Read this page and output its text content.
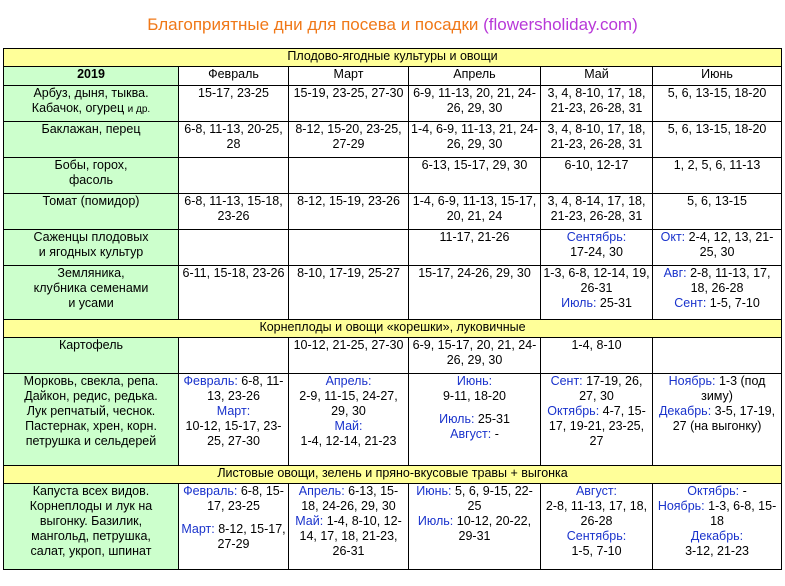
Благоприятные дни для посева и посадки (flowersholiday.com)
Плодово-ягодные культуры и овощи					
2019	Февраль	Март	Апрель	Май	Июнь
Арбуз, дыня, тыква.
Кабачок, огурец и др.	15-17, 23-25	15-19, 23-25, 27-30	6-9, 11-13, 20, 21, 24-26, 29, 30	3, 4, 8-10, 17, 18, 21-23, 26-28, 31	5, 6, 13-15, 18-20
Баклажан, перец	6-8, 11-13, 20-25, 28	8-12, 15-20, 23-25, 27-29	1-4, 6-9, 11-13, 21, 24-26, 29, 30	3, 4, 8-10, 17, 18, 21-23, 26-28, 31	5, 6, 13-15, 18-20
Бобы, горох,
фасоль			6-13, 15-17, 29, 30	6-10, 12-17	1, 2, 5, 6, 11-13
Томат (помидор)	6-8, 11-13, 15-18, 23-26	8-12, 15-19, 23-26	1-4, 6-9, 11-13, 15-17, 20, 21, 24	3, 4, 8-14, 17, 18, 21-23, 26-28, 31	5, 6, 13-15
Саженцы плодовых
и ягодных культур			11-17, 21-26	Сентябрь:
17-24, 30	Окт: 2-4, 12, 13, 21-25, 30
Земляника,
клубника семенами
и усами	6-11, 15-18, 23-26	8-10, 17-19, 25-27	15-17, 24-26, 29, 30	1-3, 6-8, 12-14, 19, 26-31
Июль: 25-31	Авг: 2-8, 11-13, 17, 18, 26-28
Сент: 1-5, 7-10
Корнеплоды и овощи «корешки», луковичные					
Картофель		10-12, 21-25, 27-30	6-9, 15-17, 20, 21, 24-26, 29, 30	1-4, 8-10	
Морковь, свекла, репа.
Дайкон, редис, редька.
Лук репчатый, чеснок.
Пастернак, хрен, корн.
петрушка и сельдерей	Февраль: 6-8, 11-13, 23-26
Март:
10-12, 15-17, 23-25, 27-30	Апрель:
2-9, 11-15, 24-27, 29, 30
Май:
1-4, 12-14, 21-23	Июнь:
9-11, 18-20
Июль: 25-31
Август: -	Сент: 17-19, 26, 27, 30
Октябрь: 4-7, 15-17, 19-21, 23-25, 27	Ноябрь: 1-3 (под зиму)
Декабрь: 3-5, 17-19, 27 (на выгонку)
Листовые овощи, зелень и пряно-вкусовые травы + выгонка					
Капуста всех видов.
Корнеплоды и лук на
выгонку. Базилик,
мангольд, петрушка,
салат, укроп, шпинат	Февраль: 6-8, 15-17, 23-25
Март: 8-12, 15-17, 27-29	Апрель: 6-13, 15-18, 24-26, 29, 30
Май: 1-4, 8-10, 12-14, 17, 18, 21-23, 26-31	Июнь: 5, 6, 9-15, 22-25
Июль: 10-12, 20-22, 29-31	Август:
2-8, 11-13, 17, 18, 26-28
Сентябрь:
1-5, 7-10	Октябрь: -
Ноябрь: 1-3, 6-8, 15-18
Декабрь:
3-12, 21-23
